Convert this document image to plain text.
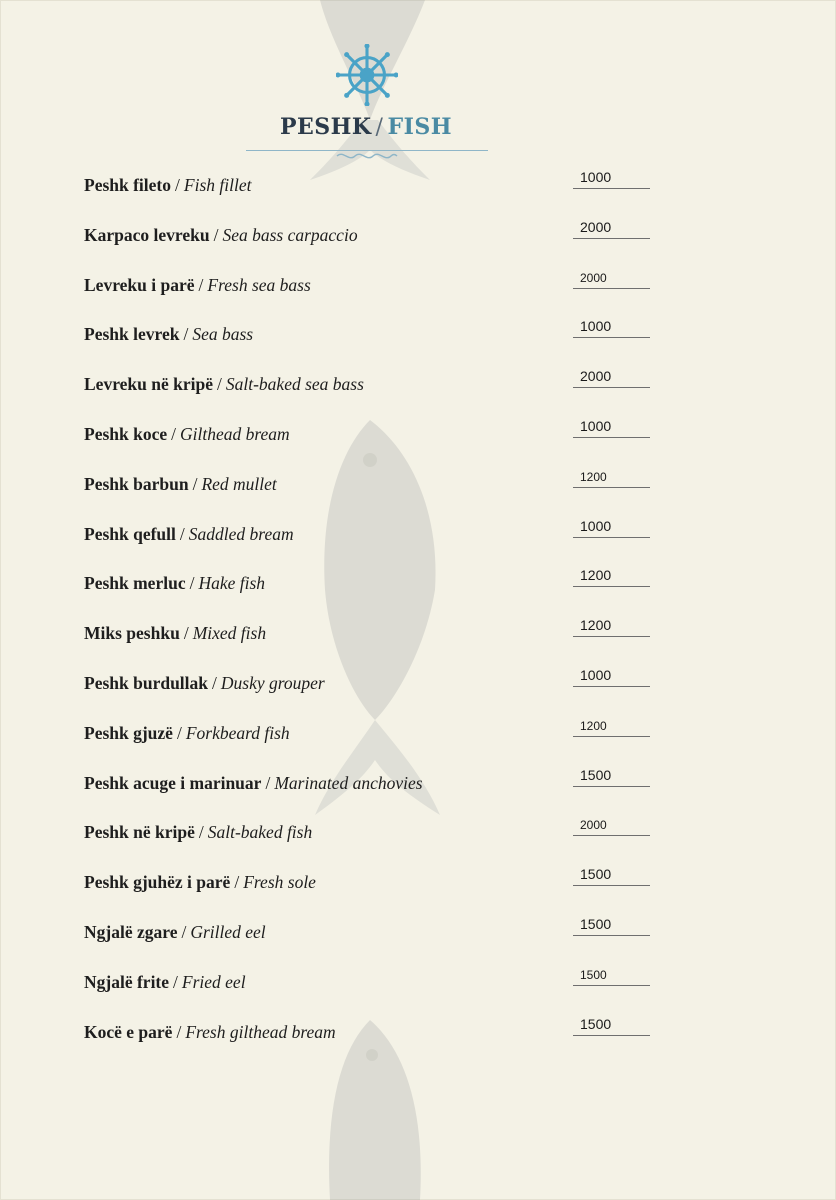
PESHK / FISH
Peshk fileto / Fish fillet	1000
Karpaco levreku / Sea bass carpaccio	2000
Levreku i parë / Fresh sea bass	2000
Peshk levrek / Sea bass	1000
Levreku në kripë / Salt-baked sea bass	2000
Peshk koce / Gilthead bream	1000
Peshk barbun / Red mullet	1200
Peshk qefull / Saddled bream	1000
Peshk merluc / Hake fish	1200
Miks peshku / Mixed fish	1200
Peshk burdullak / Dusky grouper	1000
Peshk gjuzë / Forkbeard fish	1200
Peshk acuge i marinuar / Marinated anchovies	1500
Peshk në kripë / Salt-baked fish	2000
Peshk gjuhëz i parë / Fresh sole	1500
Ngjalë zgare / Grilled eel	1500
Ngjalë frite / Fried eel	1500
Kocë e parë / Fresh gilthead bream	1500
